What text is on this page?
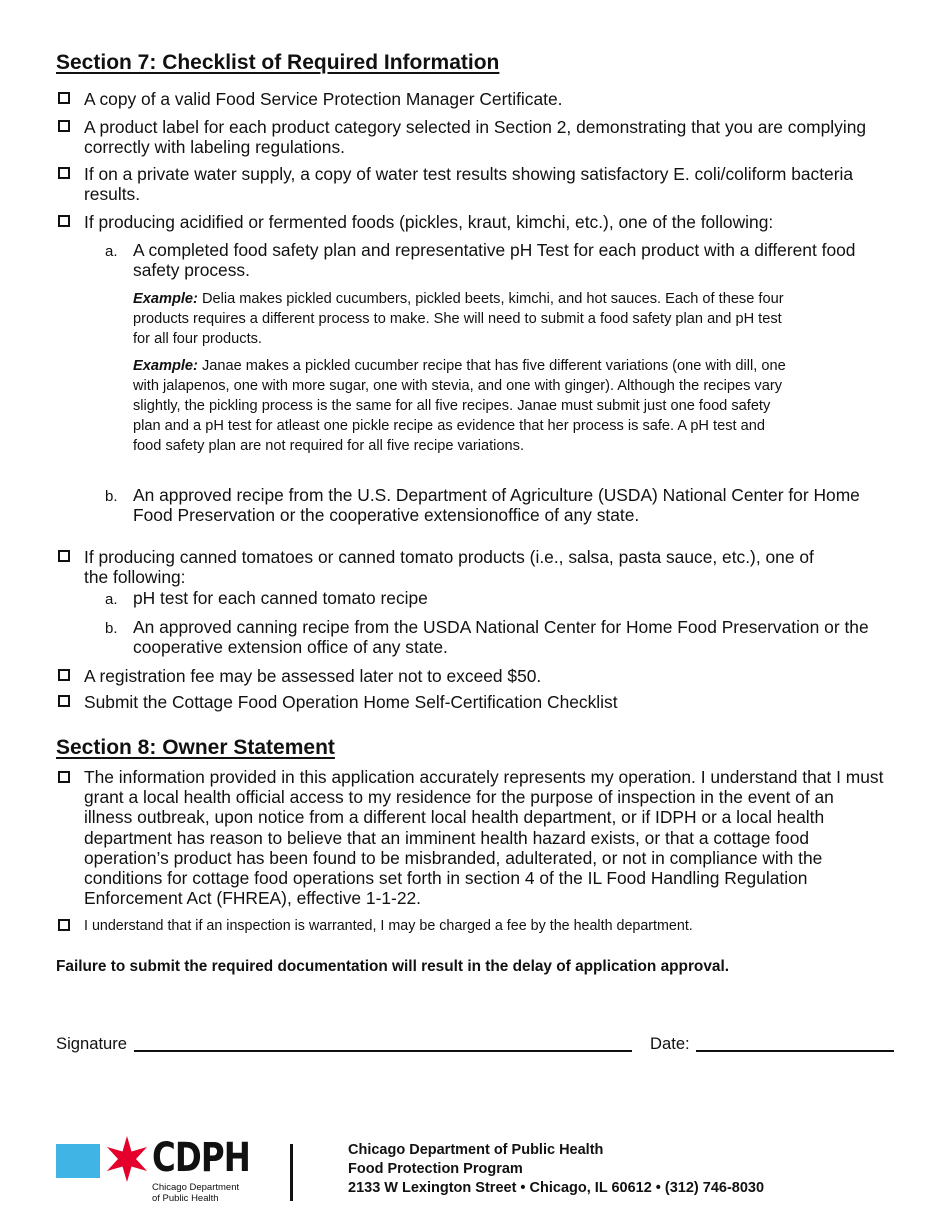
Section 7: Checklist of Required Information
A copy of a valid Food Service Protection Manager Certificate.
A product label for each product category selected in Section 2, demonstrating that you are complying correctly with labeling regulations.
If on a private water supply, a copy of water test results showing satisfactory E. coli/coliform bacteria results.
If producing acidified or fermented foods (pickles, kraut, kimchi, etc.), one of the following:
a. A completed food safety plan and representative pH Test for each product with a different food safety process.
Example: Delia makes pickled cucumbers, pickled beets, kimchi, and hot sauces. Each of these four products requires a different process to make. She will need to submit a food safety plan and pH test for all four products.
Example: Janae makes a pickled cucumber recipe that has five different variations (one with dill, one with jalapenos, one with more sugar, one with stevia, and one with ginger). Although the recipes vary slightly, the pickling process is the same for all five recipes. Janae must submit just one food safety plan and a pH test for atleast one pickle recipe as evidence that her process is safe. A pH test and food safety plan are not required for all five recipe variations.
b. An approved recipe from the U.S. Department of Agriculture (USDA) National Center for Home Food Preservation or the cooperative extensionoffice of any state.
If producing canned tomatoes or canned tomato products (i.e., salsa, pasta sauce, etc.), one of the following:
a. pH test for each canned tomato recipe
b. An approved canning recipe from the USDA National Center for Home Food Preservation or the cooperative extension office of any state.
A registration fee may be assessed later not to exceed $50.
Submit the Cottage Food Operation Home Self-Certification Checklist
Section 8: Owner Statement
The information provided in this application accurately represents my operation. I understand that I must grant a local health official access to my residence for the purpose of inspection in the event of an illness outbreak, upon notice from a different local health department, or if IDPH or a local health department has reason to believe that an imminent health hazard exists, or that a cottage food operation’s product has been found to be misbranded, adulterated, or not in compliance with the conditions for cottage food operations set forth in section 4 of the IL Food Handling Regulation Enforcement Act (FHREA), effective 1-1-22.
I understand that if an inspection is warranted, I may be charged a fee by the health department.
Failure to submit the required documentation will result in the delay of application approval.
Signature	Date:
CDPH
Chicago Department
of Public Health
Chicago Department of Public Health
Food Protection Program
2133 W Lexington Street • Chicago, IL 60612 • (312) 746-8030
